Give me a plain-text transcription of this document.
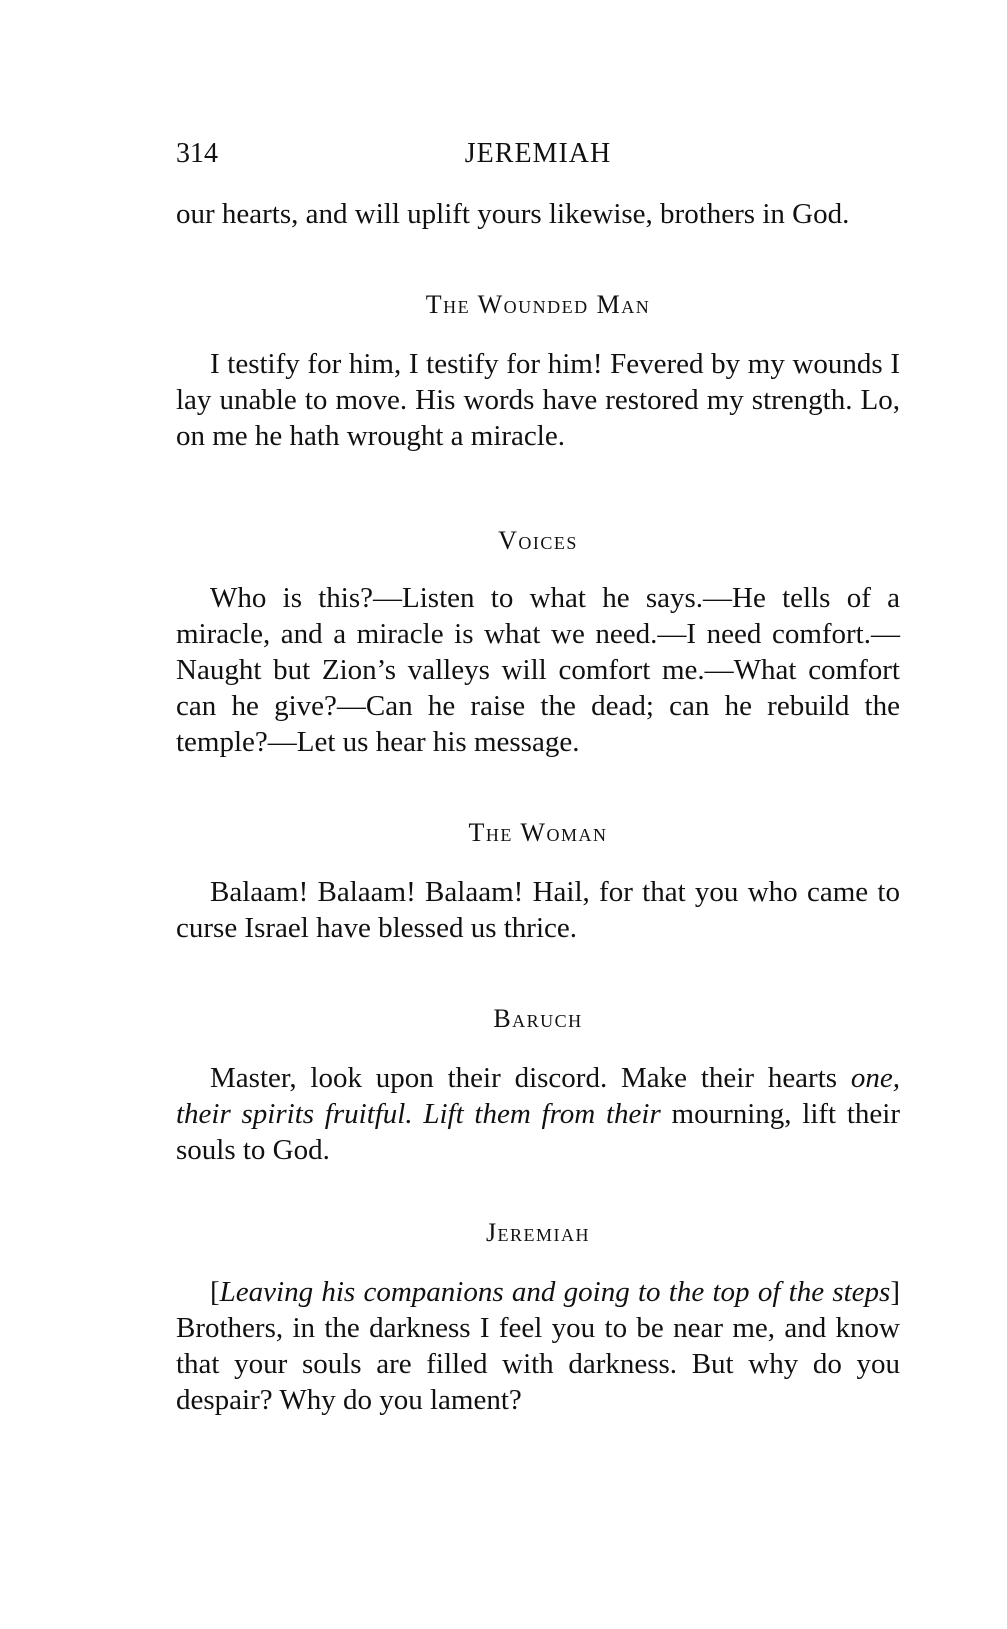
314	JEREMIAH

our hearts, and will uplift yours likewise, brothers in God.

The Wounded Man

I testify for him, I testify for him! Fevered by my wounds I lay unable to move. His words have restored my strength. Lo, on me he hath wrought a miracle.

Voices

Who is this?—Listen to what he says.—He tells of a miracle, and a miracle is what we need.—I need comfort.—Naught but Zion’s valleys will comfort me.—What comfort can he give?—Can he raise the dead; can he rebuild the temple?—Let us hear his message.

The Woman

Balaam! Balaam! Balaam! Hail, for that you who came to curse Israel have blessed us thrice.

Baruch

Master, look upon their discord. Make their hearts one, their spirits fruitful. Lift them from their mourning, lift their souls to God.

Jeremiah

[Leaving his companions and going to the top of the steps] Brothers, in the darkness I feel you to be near me, and know that your souls are filled with darkness. But why do you despair? Why do you lament?
